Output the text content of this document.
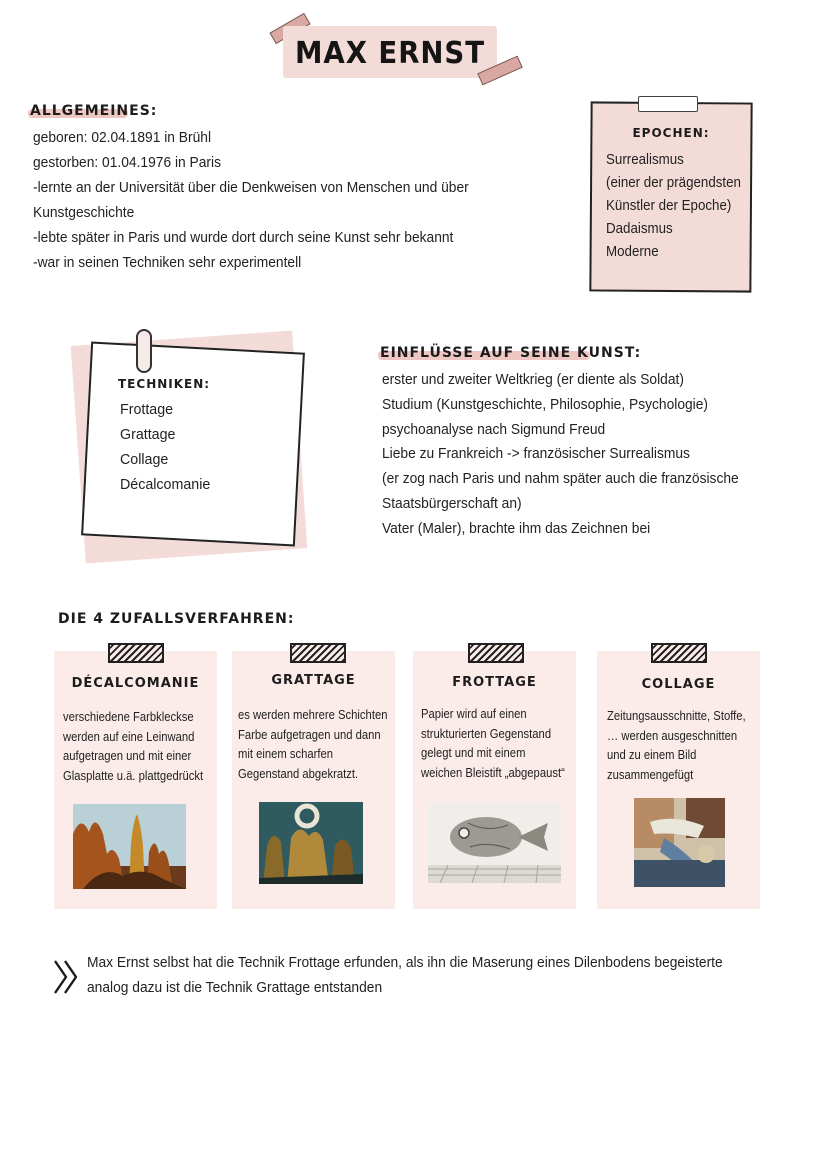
MAX ERNST
ALLGEMEINES:
geboren: 02.04.1891 in Brühl
gestorben: 01.04.1976 in Paris
-lernte an der Universität über die Denkweisen von Menschen und über
Kunstgeschichte
-lebte später in Paris und wurde dort durch seine Kunst sehr bekannt
-war in seinen Techniken sehr experimentell
EPOCHEN:
Surrealismus
(einer der prägendsten
Künstler der Epoche)
Dadaismus
Moderne
TECHNIKEN:
Frottage
Grattage
Collage
Décalcomanie
EINFLÜSSE AUF SEINE KUNST:
erster und zweiter Weltkrieg (er diente als Soldat)
Studium (Kunstgeschichte, Philosophie, Psychologie)
psychoanalyse nach Sigmund Freud
Liebe zu Frankreich -> französischer Surrealismus
(er zog nach Paris und nahm später auch die französische
Staatsbürgerschaft an)
Vater (Maler), brachte ihm das Zeichnen bei
DIE 4 ZUFALLSVERFAHREN:
DÉCALCOMANIE
verschiedene Farbkleckse
werden auf eine Leinwand
aufgetragen und mit einer
Glasplatte u.ä. plattgedrückt
GRATTAGE
es werden mehrere Schichten
Farbe aufgetragen und dann
mit einem scharfen
Gegenstand abgekratzt.
FROTTAGE
Papier wird auf einen
strukturierten Gegenstand
gelegt und mit einem
weichen Bleistift „abgepaust“
COLLAGE
Zeitungsausschnitte, Stoffe,
… werden ausgeschnitten
und zu einem Bild
zusammengefügt
Max Ernst selbst hat die Technik Frottage erfunden, als ihn die Maserung eines Dilenbodens begeisterte
analog dazu ist die Technik Grattage entstanden
